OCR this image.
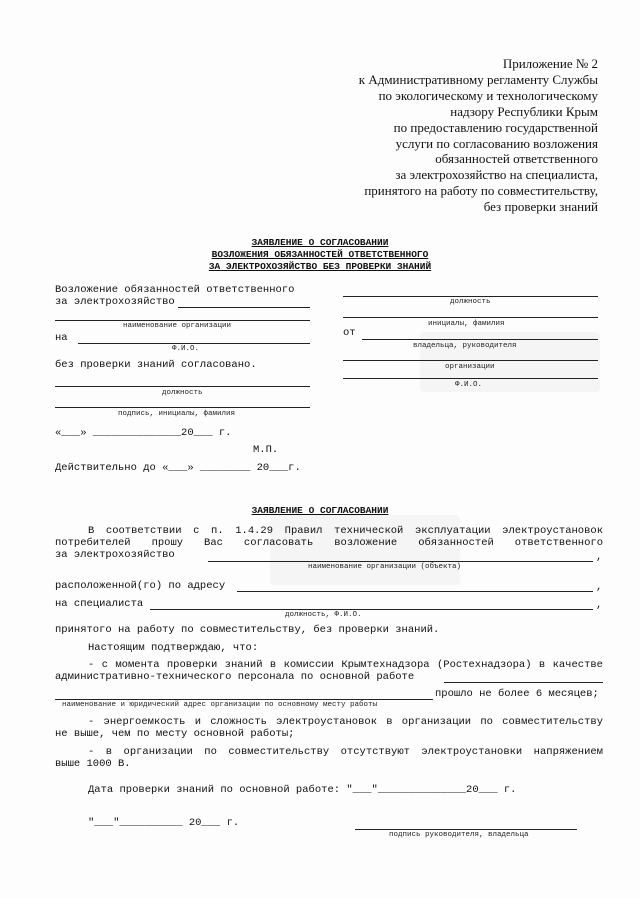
Приложение № 2
к Административному регламенту Службы
по экологическому и технологическому
надзору Республики Крым
по предоставлению государственной
услуги по согласованию возложения
обязанностей ответственного
за электрохозяйство на специалиста,
принятого на работу по совместительству,
без проверки знаний
ЗАЯВЛЕНИЕ О СОГЛАСОВАНИИ
ВОЗЛОЖЕНИЯ ОБЯЗАННОСТЕЙ ОТВЕТСТВЕННОГО
ЗА ЭЛЕКТРОХОЗЯЙСТВО БЕЗ ПРОВЕРКИ ЗНАНИЙ
Возложение обязанностей ответственного
за электрохозяйство
наименование организации
на
Ф.И.О.
без проверки знаний согласовано.
должность
подпись, инициалы, фамилия
«___» ______________20___ г.
М.П.
Действительно до «___» ________ 20___г.
должность
инициалы, фамилия
от
владельца, руководителя
организации
Ф.И.О.
ЗАЯВЛЕНИЕ О СОГЛАСОВАНИИ
В соответствии с п. 1.4.29 Правил технической эксплуатации электроустановок
потребителей прошу Вас согласовать возложение обязанностей ответственного
за электрохозяйство	,
наименование организации (объекта)
расположенной(го) по адресу	,
на специалиста	,
должность, Ф.И.О.
принятого на работу по совместительству, без проверки знаний.
Настоящим подтверждаю, что:
- с момента проверки знаний в комиссии Крымтехнадзора (Ростехнадзора) в качестве
административно-технического персонала по основной работе
прошло не более 6 месяцев;
наименование и юридический адрес организации по основному месту работы
- энергоемкость и сложность электроустановок в организации по совместительству
не выше, чем по месту основной работы;
- в организации по совместительству отсутствуют электроустановки напряжением
выше 1000 В.
Дата проверки знаний по основной работе: "___"______________20___ г.
"___"__________ 20___ г.
подпись руководителя, владельца
